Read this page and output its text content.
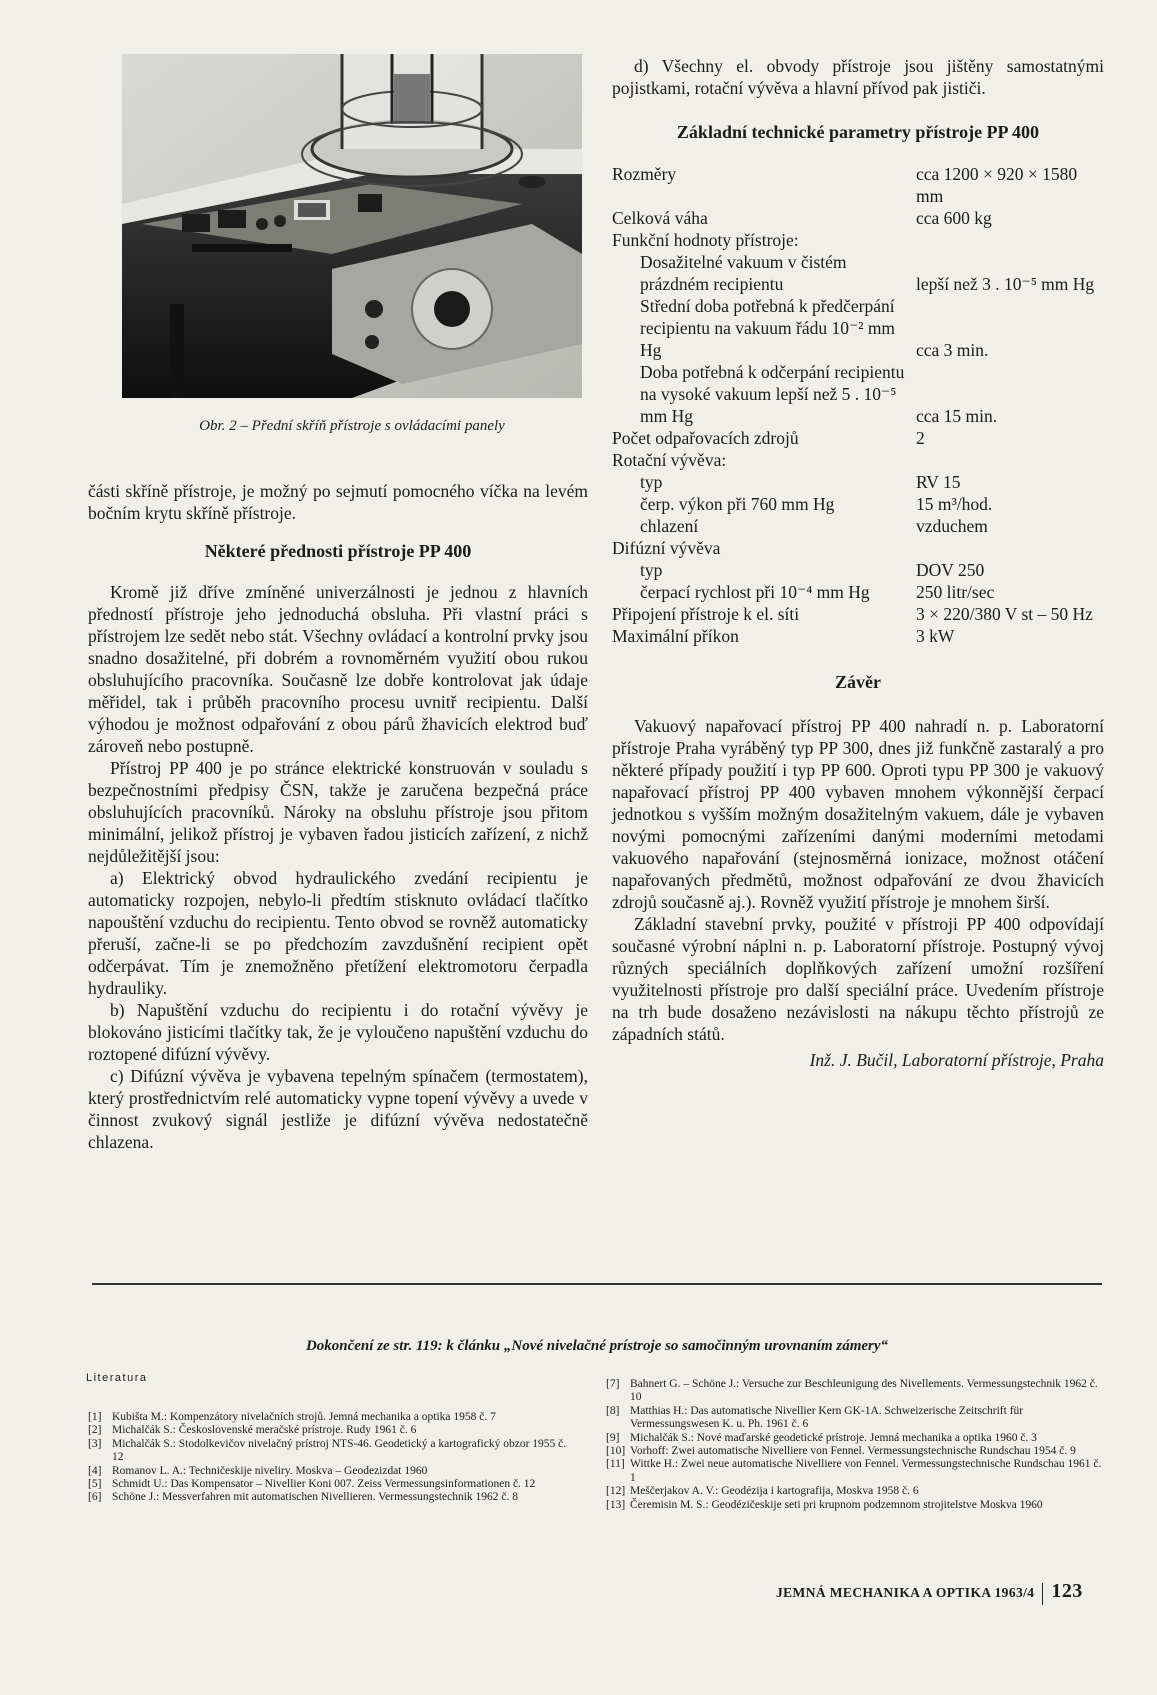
Obr. 2 – Přední skříň přístroje s ovládacími panely

části skříně přístroje, je možný po sejmutí pomocného víčka na levém bočním krytu skříně přístroje.

Některé přednosti přístroje PP 400

Kromě již dříve zmíněné univerzálnosti je jednou z hlavních předností přístroje jeho jednoduchá obsluha. Při vlastní práci s přístrojem lze sedět nebo stát. Všechny ovládací a kontrolní prvky jsou snadno dosažitelné, při dobrém a rovnoměrném využití obou rukou obsluhujícího pracovníka. Současně lze dobře kontrolovat jak údaje měřidel, tak i průběh pracovního procesu uvnitř recipientu. Další výhodou je možnost odpařování z obou párů žhavicích elektrod buď zároveň nebo postupně.

Přístroj PP 400 je po stránce elektrické konstruován v souladu s bezpečnostními předpisy ČSN, takže je zaručena bezpečná práce obsluhujících pracovníků. Nároky na obsluhu přístroje jsou přitom minimální, jelikož přístroj je vybaven řadou jisticích zařízení, z nichž nejdůležitější jsou:

a) Elektrický obvod hydraulického zvedání recipientu je automaticky rozpojen, nebylo-li předtím stisknuto ovládací tlačítko napouštění vzduchu do recipientu. Tento obvod se rovněž automaticky přeruší, začne-li se po předchozím zavzdušnění recipient opět odčerpávat. Tím je znemožněno přetížení elektromotoru čerpadla hydrauliky.

b) Napuštění vzduchu do recipientu i do rotační vývěvy je blokováno jisticími tlačítky tak, že je vyloučeno napuštění vzduchu do roztopené difúzní vývěvy.

c) Difúzní vývěva je vybavena tepelným spínačem (termostatem), který prostřednictvím relé automaticky vypne topení vývěvy a uvede v činnost zvukový signál jestliže je difúzní vývěva nedostatečně chlazena.

d) Všechny el. obvody přístroje jsou jištěny samostatnými pojistkami, rotační vývěva a hlavní přívod pak jističi.

Základní technické parametry přístroje PP 400
Rozměry	cca 1200 × 920 × 1580 mm
Celková váha	cca 600 kg
Funkční hodnoty přístroje:	
Dosažitelné vakuum v čistém prázdném recipientu	lepší než 3 . 10⁻⁵ mm Hg
Střední doba potřebná k předčerpání recipientu na vakuum řádu 10⁻² mm Hg	cca 3 min.
Doba potřebná k odčerpání recipientu na vysoké vakuum lepší než 5 . 10⁻⁵ mm Hg	cca 15 min.
Počet odpařovacích zdrojů	2
Rotační vývěva:	
typ	RV 15
čerp. výkon při 760 mm Hg	15 m³/hod.
chlazení	vzduchem
Difúzní vývěva	
typ	DOV 250
čerpací rychlost při 10⁻⁴ mm Hg	250 litr/sec
Připojení přístroje k el. síti	3 × 220/380 V st – 50 Hz
Maximální příkon	3 kW
Závěr

Vakuový napařovací přístroj PP 400 nahradí n. p. Laboratorní přístroje Praha vyráběný typ PP 300, dnes již funkčně zastaralý a pro některé případy použití i typ PP 600. Oproti typu PP 300 je vakuový napařovací přístroj PP 400 vybaven mnohem výkonnější čerpací jednotkou s vyšším možným dosažitelným vakuem, dále je vybaven novými pomocnými zařízeními danými moderními metodami vakuového napařování (stejnosměrná ionizace, možnost otáčení napařovaných předmětů, možnost odpařování ze dvou žhavicích zdrojů současně aj.). Rovněž využití přístroje je mnohem širší.

Základní stavební prvky, použité v přístroji PP 400 odpovídají současné výrobní náplni n. p. Laboratorní přístroje. Postupný vývoj různých speciálních doplňkových zařízení umožní rozšíření využitelnosti přístroje pro další speciální práce. Uvedením přístroje na trh bude dosaženo nezávislosti na nákupu těchto přístrojů ze západních států.

Inž. J. Bučil, Laboratorní přístroje, Praha

Dokončení ze str. 119: k článku „Nové nivelačné prístroje so samočinným urovnaním zámery“
Literatura
[1] Kubišta M.: Kompenzátory nivelačních strojů. Jemná mechanika a optika 1958 č. 7
[2] Michalčák S.: Československé meračské prístroje. Rudy 1961 č. 6
[3] Michalčák S.: Stodolkevičov nivelačný prístroj NTS-46. Geodetický a kartografický obzor 1955 č. 12
[4] Romanov L. A.: Techničeskije niveliry. Moskva – Geodezizdat 1960
[5] Schmidt U.: Das Kompensator – Nivellier Koni 007. Zeiss Vermessungsinformationen č. 12
[6] Schöne J.: Messverfahren mit automatischen Nivellieren. Vermessungstechnik 1962 č. 8
[7] Bahnert G. – Schöne J.: Versuche zur Beschleunigung des Nivellements. Vermessungstechnik 1962 č. 10
[8] Matthias H.: Das automatische Nivellier Kern GK-1A. Schweizerische Zeitschrift für Vermessungswesen K. u. Ph. 1961 č. 6
[9] Michalčák S.: Nové maďarské geodetické prístroje. Jemná mechanika a optika 1960 č. 3
[10] Vorhoff: Zwei automatische Nivelliere von Fennel. Vermessungstechnische Rundschau 1954 č. 9
[11] Wittke H.: Zwei neue automatische Nivelliere von Fennel. Vermessungstechnische Rundschau 1961 č. 1
[12] Meščerjakov A. V.: Geodézija i kartografija, Moskva 1958 č. 6
[13] Čeremisin M. S.: Geodézičeskije seti pri krupnom podzemnom strojitelstve Moskva 1960
JEMNÁ MECHANIKA A OPTIKA 1963/4 123
